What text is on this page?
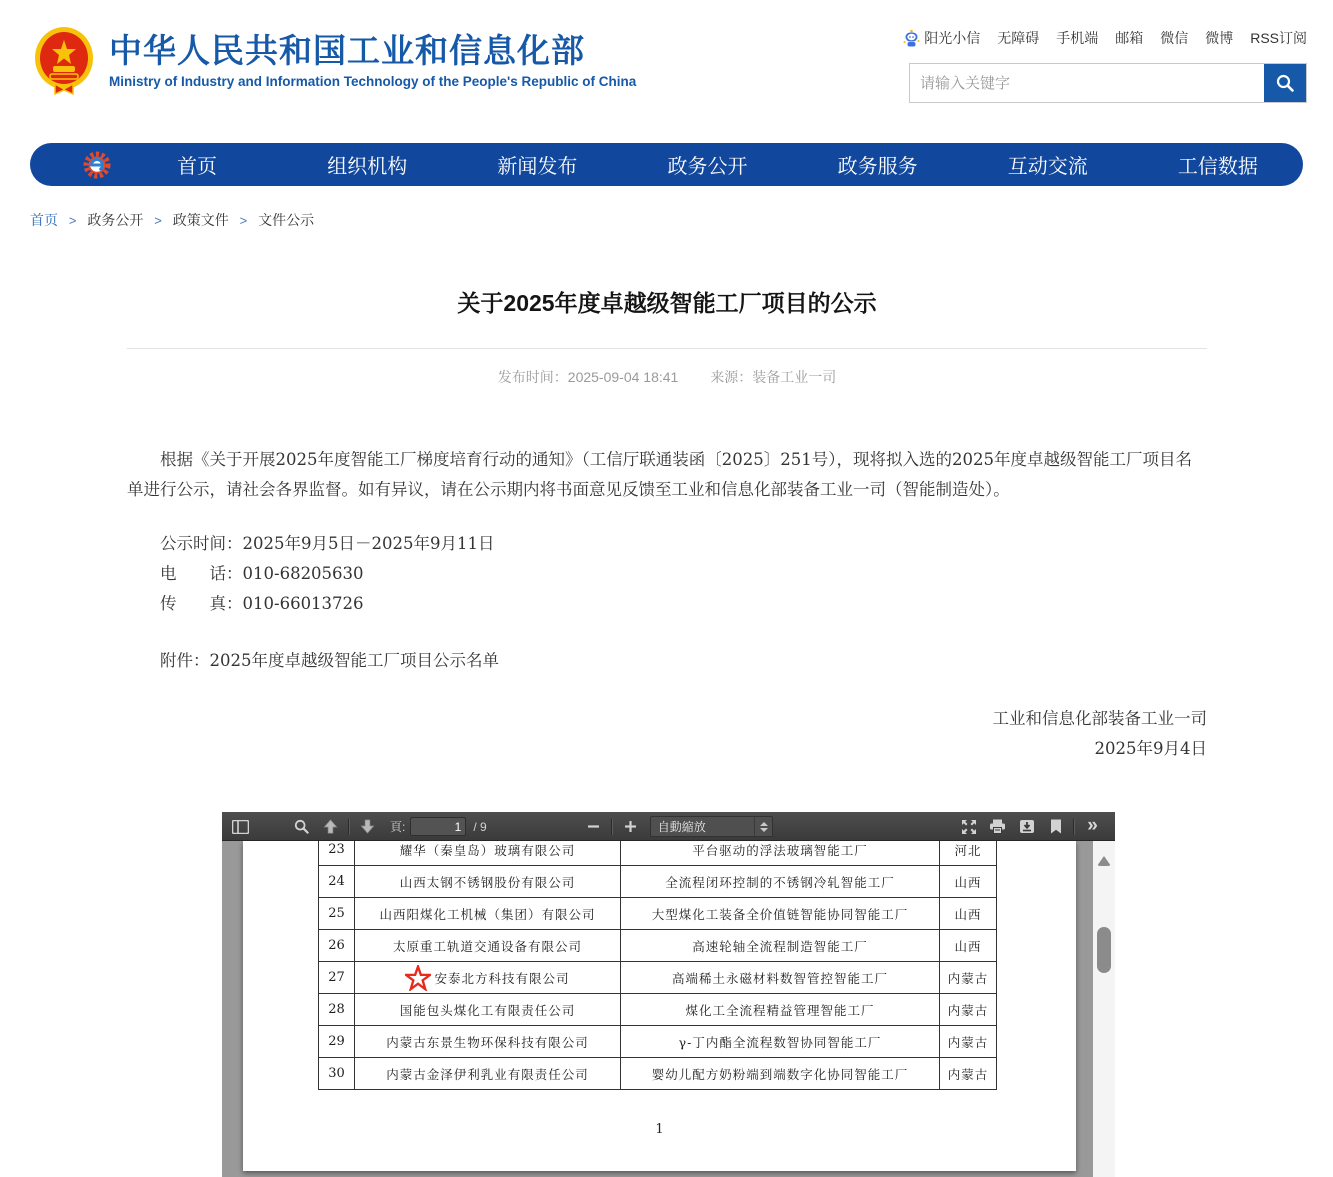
中华人民共和国工业和信息化部
Ministry of Industry and Information Technology of the People's Republic of China
阳光小信 无障碍 手机端 邮箱 微信 微博 RSS订阅
请输入关键字
首页	组织机构	新闻发布	政务公开	政务服务	互动交流	工信数据
首页 > 政务公开 > 政策文件 > 文件公示
关于2025年度卓越级智能工厂项目的公示
发布时间：2025-09-04 18:41 来源：装备工业一司

根据《关于开展2025年度智能工厂梯度培育行动的通知》（工信厅联通装函〔2025〕251号），现将拟入选的2025年度卓越级智能工厂项目名单进行公示，请社会各界监督。如有异议，请在公示期内将书面意见反馈至工业和信息化部装备工业一司（智能制造处）。

公示时间：2025年9月5日－2025年9月11日
电　　话：010-68205630
传　　真：010-66013726
附件：2025年度卓越级智能工厂项目公示名单
工业和信息化部装备工业一司
2025年9月4日
頁:
1	/ 9	自動縮放	»
23	耀华（秦皇岛）玻璃有限公司	平台驱动的浮法玻璃智能工厂	河北
24	山西太钢不锈钢股份有限公司	全流程闭环控制的不锈钢冷轧智能工厂	山西
25	山西阳煤化工机械（集团）有限公司	大型煤化工装备全价值链智能协同智能工厂	山西
26	太原重工轨道交通设备有限公司	高速轮轴全流程制造智能工厂	山西
27	安泰北方科技有限公司	高端稀土永磁材料数智管控智能工厂	内蒙古
28	国能包头煤化工有限责任公司	煤化工全流程精益管理智能工厂	内蒙古
29	内蒙古东景生物环保科技有限公司	γ-丁内酯全流程数智协同智能工厂	内蒙古
30	内蒙古金泽伊利乳业有限责任公司	婴幼儿配方奶粉端到端数字化协同智能工厂	内蒙古
1
